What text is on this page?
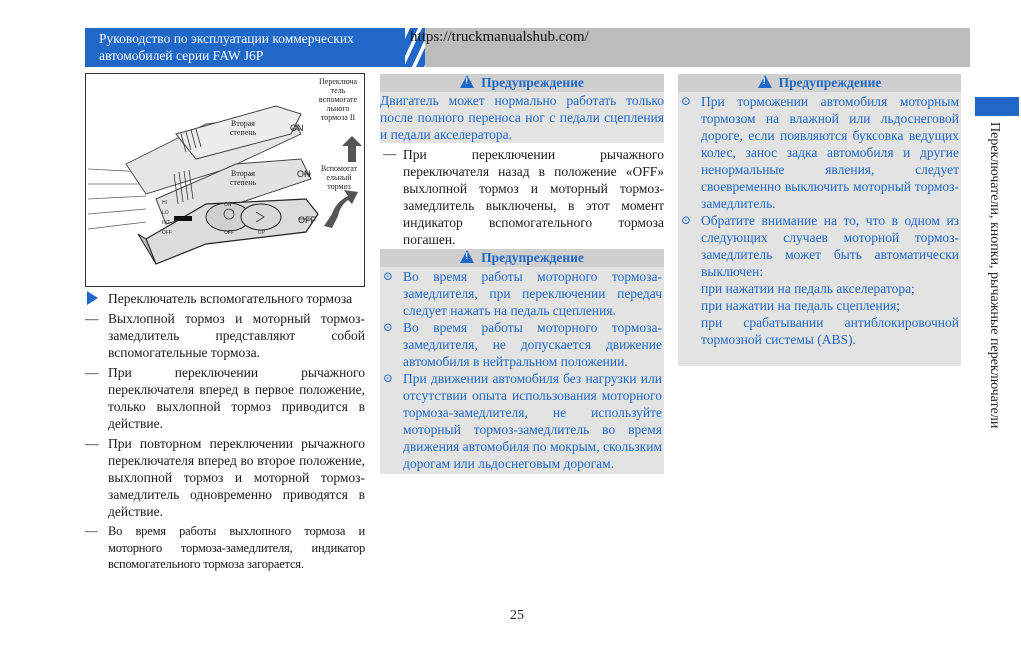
Руководство по эксплуатации коммерческих
автомобилей серии FAW J6P
https://truckmanualshub.com/
Переключатели, кнопки, рычажные переключатели
HI
LO
INT
OFF
ON
OFF	UP
Переключа тель вспомогате льного тормоза II
Вторая степень	ON
Вторая степень
ON
Вспомогат ельный тормоз
OFF
Переключатель вспомогательного тормоза
— Выхлопной тормоз и моторный тормоз-замедлитель представляют собой вспомогательные тормоза.
— При переключении рычажного переключателя вперед в первое положение, только выхлопной тормоз приводится в действие.
— При повторном переключении рычажного переключателя вперед во второе положение, выхлопной тормоз и моторной тормоз-замедлитель одновременно приводятся в действие.
— Во время работы выхлопного тормоза и моторного тормоза-замедлителя, индикатор вспомогательного тормоза загорается.
!Предупреждение
Двигатель может нормально работать только после полного переноса ног с педали сцепления и педали акселератора.
— При переключении рычажного переключателя назад в положение «OFF» выхлопной тормоз и моторный тормоз-замедлитель выключены, в этот момент индикатор вспомогательного тормоза погашен.
!Предупреждение
⊙ Во время работы моторного тормоза-замедлителя, при переключении передач следует нажать на педаль сцепления.
⊙ Во время работы моторного тормоза-замедлителя, не допускается движение автомобиля в нейтральном положении.
⊙ При движении автомобиля без нагрузки или отсутствии опыта использования моторного тормоза-замедлителя, не используйте моторный тормоз-замедлитель во время движения автомобиля по мокрым, скользким дорогам или льдоснеговым дорогам.
!Предупреждение
⊙ При торможении автомобиля моторным тормозом на влажной или льдоснеговой дороге, если появляются буксовка ведущих колес, занос задка автомобиля и другие ненормальные явления, следует своевременно выключить моторный тормоз-замедлитель.
⊙ Обратите внимание на то, что в одном из следующих случаев моторной тормоз-замедлитель может быть автоматически выключен:
при нажатии на педаль акселератора;
при нажатии на педаль сцепления;
при срабатывании антиблокировочной тормозной системы (ABS).
25
